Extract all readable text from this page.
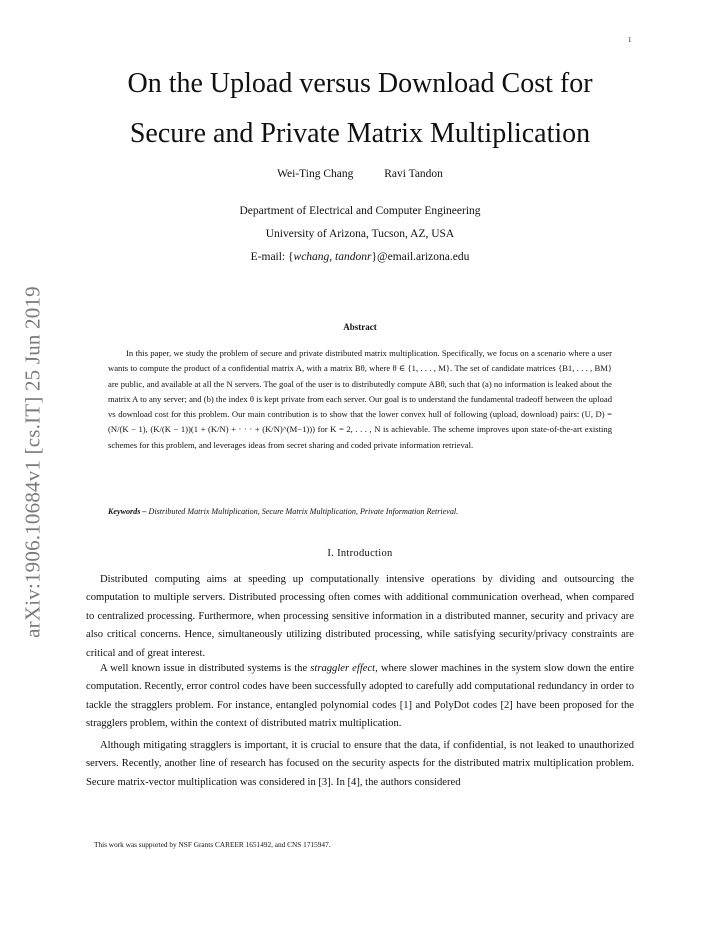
1
arXiv:1906.10684v1 [cs.IT] 25 Jun 2019
On the Upload versus Download Cost for
Secure and Private Matrix Multiplication
Wei-Ting Chang	Ravi Tandon
Department of Electrical and Computer Engineering
University of Arizona, Tucson, AZ, USA
E-mail: {wchang, tandonr}@email.arizona.edu
Abstract

In this paper, we study the problem of secure and private distributed matrix multiplication. Specifically, we focus on a scenario where a user wants to compute the product of a confidential matrix A, with a matrix Bθ, where θ ∈ {1, . . . , M}. The set of candidate matrices {B1, . . . , BM} are public, and available at all the N servers. The goal of the user is to distributedly compute ABθ, such that (a) no information is leaked about the matrix A to any server; and (b) the index θ is kept private from each server. Our goal is to understand the fundamental tradeoff between the upload vs download cost for this problem. Our main contribution is to show that the lower convex hull of following (upload, download) pairs: (U, D) = (N/(K − 1), (K/(K − 1))(1 + (K/N) + · · · + (K/N)^(M−1))) for K = 2, . . . , N is achievable. The scheme improves upon state-of-the-art existing schemes for this problem, and leverages ideas from secret sharing and coded private information retrieval.

Keywords – Distributed Matrix Multiplication, Secure Matrix Multiplication, Private Information Retrieval.
I. Introduction

Distributed computing aims at speeding up computationally intensive operations by dividing and outsourcing the computation to multiple servers. Distributed processing often comes with additional communication overhead, when compared to centralized processing. Furthermore, when processing sensitive information in a distributed manner, security and privacy are also critical concerns. Hence, simultaneously utilizing distributed processing, while satisfying security/privacy constraints are critical and of great interest.

A well known issue in distributed systems is the straggler effect, where slower machines in the system slow down the entire computation. Recently, error control codes have been successfully adopted to carefully add computational redundancy in order to tackle the stragglers problem. For instance, entangled polynomial codes [1] and PolyDot codes [2] have been proposed for the stragglers problem, within the context of distributed matrix multiplication.

Although mitigating stragglers is important, it is crucial to ensure that the data, if confidential, is not leaked to unauthorized servers. Recently, another line of research has focused on the security aspects for the distributed matrix multiplication problem. Secure matrix-vector multiplication was considered in [3]. In [4], the authors considered

This work was supported by NSF Grants CAREER 1651492, and CNS 1715947.
